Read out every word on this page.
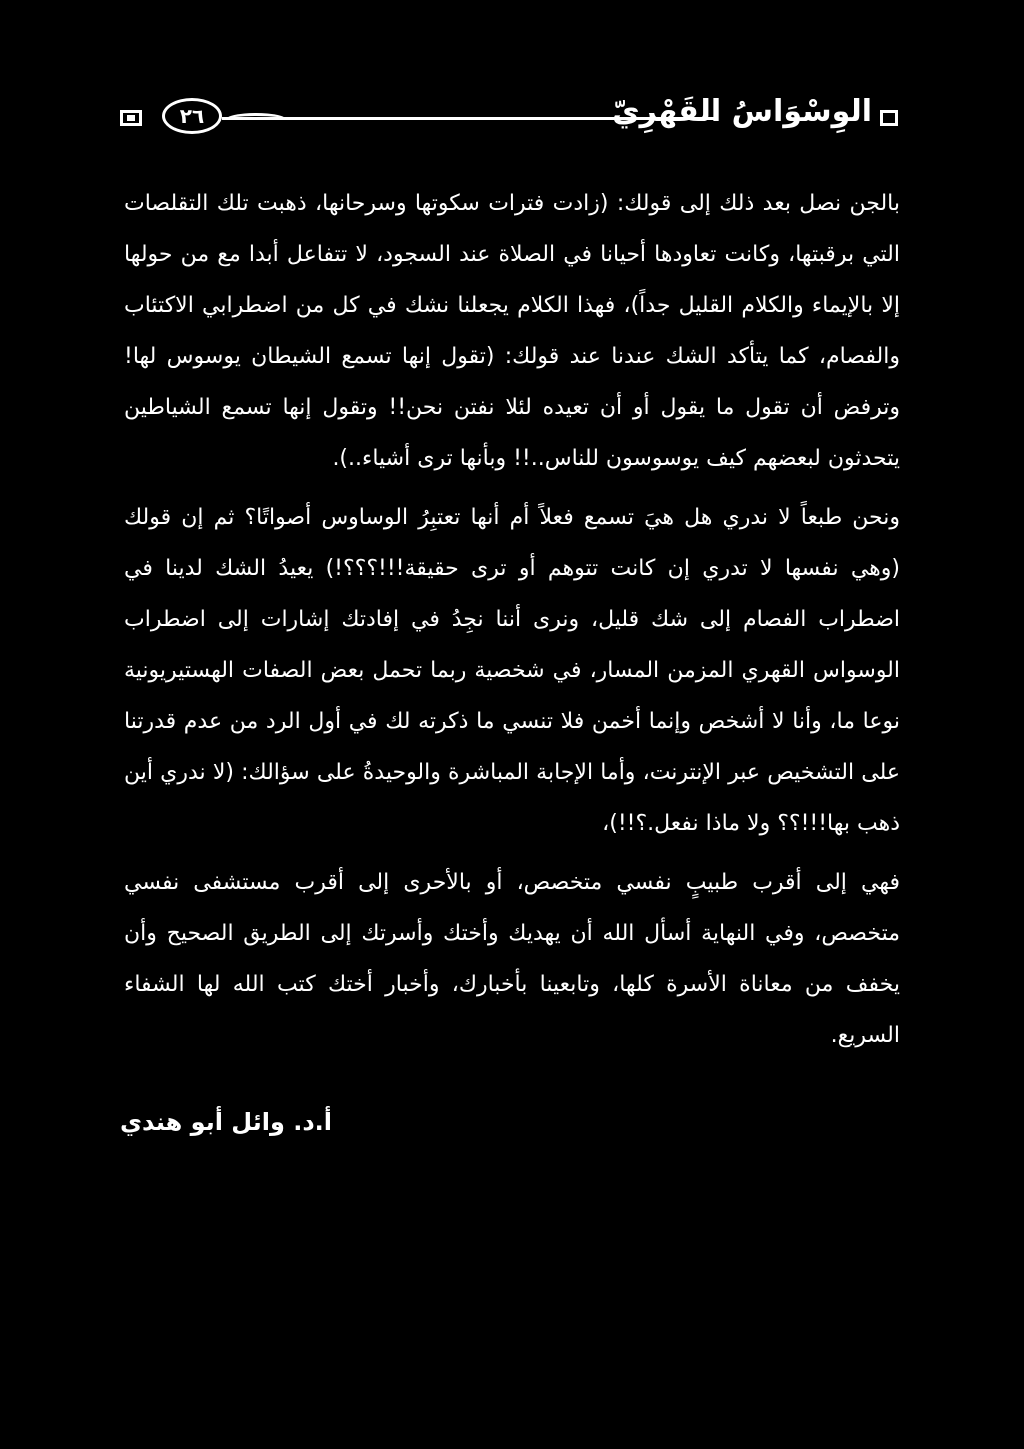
٢٦	الوِسْوَاسُ القَهْرِيّ

بالجن نصل بعد ذلك إلى قولك: (زادت فترات سكوتها وسرحانها، ذهبت تلك التقلصات التي برقبتها، وكانت تعاودها أحيانا في الصلاة عند السجود، لا تتفاعل أبدا مع من حولها إلا بالإيماء والكلام القليل جداً)، فهذا الكلام يجعلنا نشك في كل من اضطرابي الاكتئاب والفصام، كما يتأكد الشك عندنا عند قولك: (تقول إنها تسمع الشيطان يوسوس لها! وترفض أن تقول ما يقول أو أن تعيده لئلا نفتن نحن!! وتقول إنها تسمع الشياطين يتحدثون لبعضهم كيف يوسوسون للناس..!! وبأنها ترى أشياء..).

ونحن طبعاً لا ندري هل هيَ تسمع فعلاً أم أنها تعتبِرُ الوساوس أصواتًا؟ ثم إن قولك (وهي نفسها لا تدري إن كانت تتوهم أو ترى حقيقة!!!؟؟؟!) يعيدُ الشك لدينا في اضطراب الفصام إلى شك قليل، ونرى أننا نجِدُ في إفادتك إشارات إلى اضطراب الوسواس القهري المزمن المسار، في شخصية ربما تحمل بعض الصفات الهستيريونية نوعا ما، وأنا لا أشخص وإنما أخمن فلا تنسي ما ذكرته لك في أول الرد من عدم قدرتنا على التشخيص عبر الإنترنت، وأما الإجابة المباشرة والوحيدةُ على سؤالك: (لا ندري أين ذهب بها!!!؟؟ ولا ماذا نفعل.؟!!)،

فهي إلى أقرب طبيبٍ نفسي متخصص، أو بالأحرى إلى أقرب مستشفى نفسي متخصص، وفي النهاية أسأل الله أن يهديك وأختك وأسرتك إلى الطريق الصحيح وأن يخفف من معاناة الأسرة كلها، وتابعينا بأخبارك، وأخبار أختك كتب الله لها الشفاء السريع.

أ.د. وائل أبو هندي
